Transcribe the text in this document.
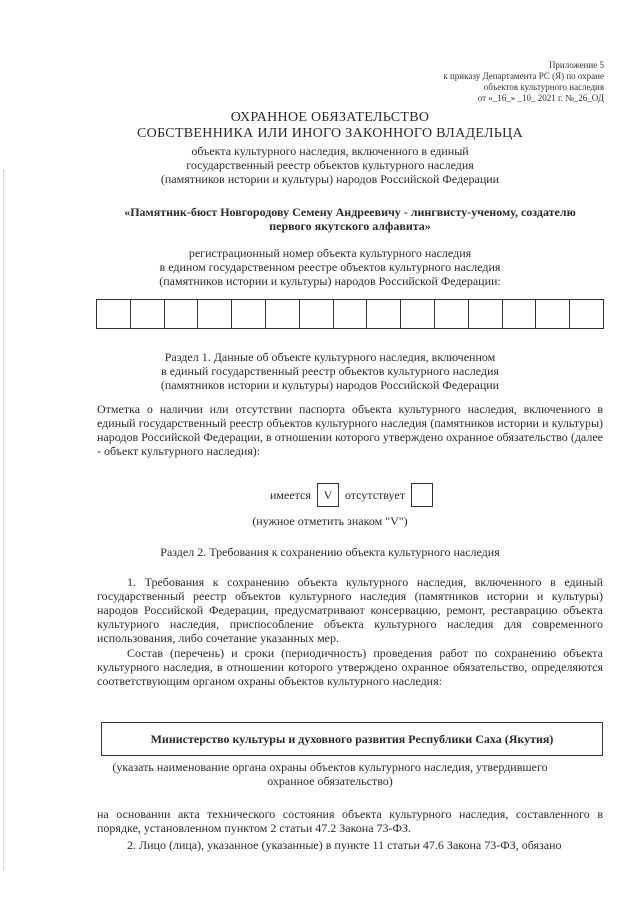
Приложение 5
к приказу Департамента РС (Я) по охране
объектов культурного наследия
от «_16_» _10_ 2021 г. №_26_ОД
ОХРАННОЕ ОБЯЗАТЕЛЬСТВО
СОБСТВЕННИКА ИЛИ ИНОГО ЗАКОННОГО ВЛАДЕЛЬЦА
объекта культурного наследия, включенного в единый
государственный реестр объектов культурного наследия
(памятников истории и культуры) народов Российской Федерации
«Памятник-бюст Новгородову Семену Андреевичу - лингвисту-ученому, создателю
первого якутского алфавита»
регистрационный номер объекта культурного наследия
в едином государственном реестре объектов культурного наследия
(памятников истории и культуры) народов Российской Федерации:
Раздел 1. Данные об объекте культурного наследия, включенном
в единый государственный реестр объектов культурного наследия
(памятников истории и культуры) народов Российской Федерации
Отметка о наличии или отсутствии паспорта объекта культурного наследия, включенного в единый государственный реестр объектов культурного наследия (памятников истории и культуры) народов Российской Федерации, в отношении которого утверждено охранное обязательство (далее - объект культурного наследия):
имеется	V	отсутствует
(нужное отметить знаком "V")
Раздел 2. Требования к сохранению объекта культурного наследия
1. Требования к сохранению объекта культурного наследия, включенного в единый государственный реестр объектов культурного наследия (памятников истории и культуры) народов Российской Федерации, предусматривают консервацию, ремонт, реставрацию объекта культурного наследия, приспособление объекта культурного наследия для современного использования, либо сочетание указанных мер.
Состав (перечень) и сроки (периодичность) проведения работ по сохранению объекта культурного наследия, в отношении которого утверждено охранное обязательство, определяются соответствующим органом охраны объектов культурного наследия:
Министерство культуры и духовного развития Республики Саха (Якутия)
(указать наименование органа охраны объектов культурного наследия, утвердившего
охранное обязательство)
на основании акта технического состояния объекта культурного наследия, составленного в порядке, установленном пунктом 2 статьи 47.2 Закона 73-ФЗ.
2. Лицо (лица), указанное (указанные) в пункте 11 статьи 47.6 Закона 73-ФЗ, обязано
